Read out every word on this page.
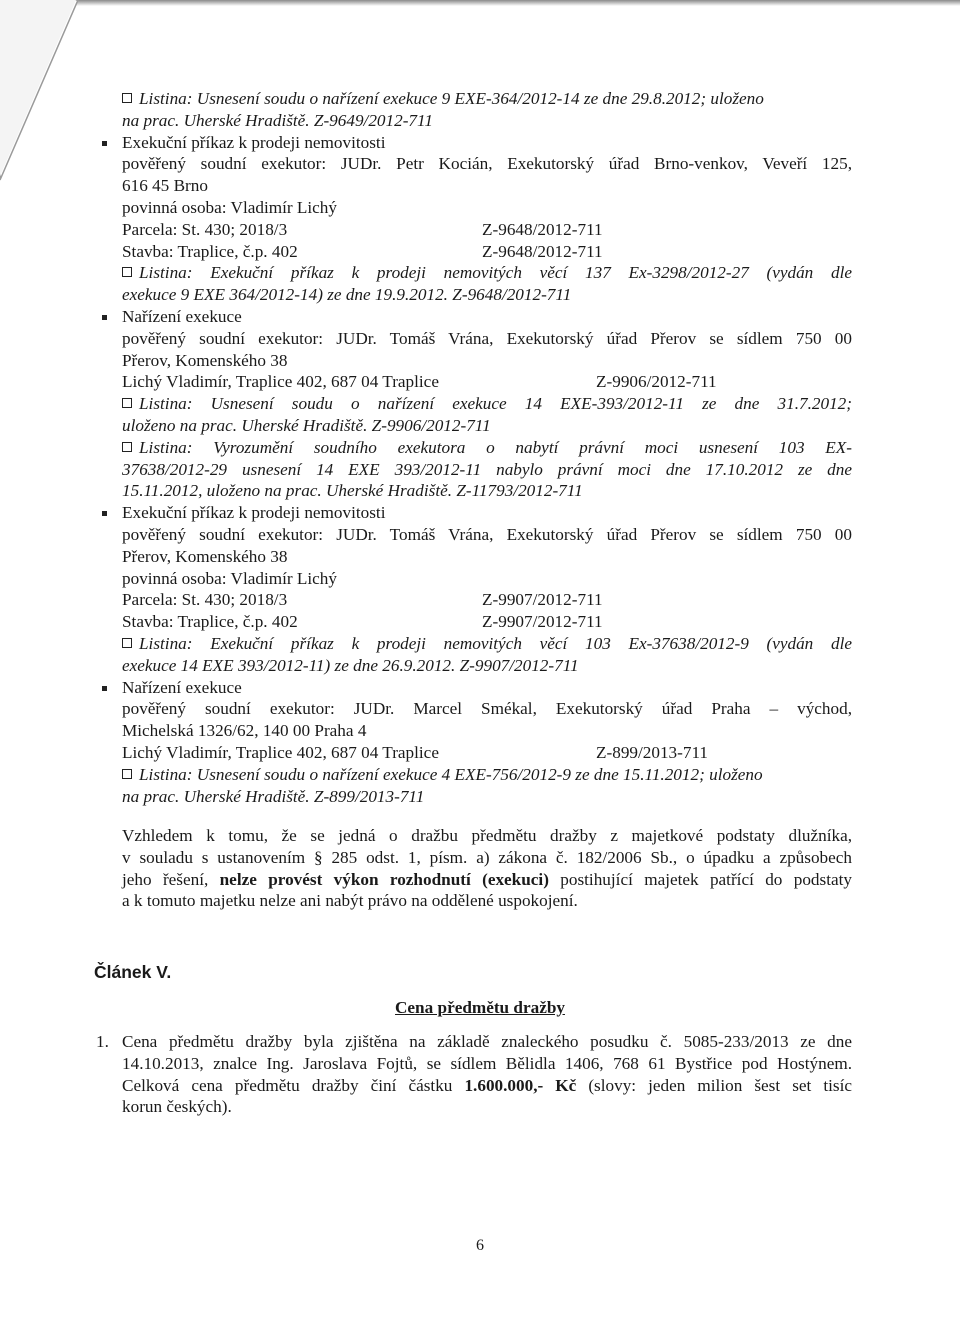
Listina: Usnesení soudu o nařízení exekuce 9 EXE-364/2012-14 ze dne 29.8.2012; uloženo
na prac. Uherské Hradiště. Z-9649/2012-711
Exekuční příkaz k prodeji nemovitosti
pověřený soudní exekutor: JUDr. Petr Kocián, Exekutorský úřad Brno-venkov, Veveří 125,
616 45 Brno
povinná osoba: Vladimír Lichý
Parcela: St. 430; 2018/3	Z-9648/2012-711
Stavba: Traplice, č.p. 402	Z-9648/2012-711
Listina: Exekuční příkaz k prodeji nemovitých věcí 137 Ex-3298/2012-27 (vydán dle
exekuce 9 EXE 364/2012-14) ze dne 19.9.2012. Z-9648/2012-711
Nařízení exekuce
pověřený soudní exekutor: JUDr. Tomáš Vrána, Exekutorský úřad Přerov se sídlem 750 00
Přerov, Komenského 38
Lichý Vladimír, Traplice 402, 687 04 Traplice	Z-9906/2012-711
Listina: Usnesení soudu o nařízení exekuce 14 EXE-393/2012-11 ze dne 31.7.2012;
uloženo na prac. Uherské Hradiště. Z-9906/2012-711
Listina: Vyrozumění soudního exekutora o nabytí právní moci usnesení 103 EX-
37638/2012-29 usnesení 14 EXE 393/2012-11 nabylo právní moci dne 17.10.2012 ze dne
15.11.2012, uloženo na prac. Uherské Hradiště. Z-11793/2012-711
Exekuční příkaz k prodeji nemovitosti
pověřený soudní exekutor: JUDr. Tomáš Vrána, Exekutorský úřad Přerov se sídlem 750 00
Přerov, Komenského 38
povinná osoba: Vladimír Lichý
Parcela: St. 430; 2018/3	Z-9907/2012-711
Stavba: Traplice, č.p. 402	Z-9907/2012-711
Listina: Exekuční příkaz k prodeji nemovitých věcí 103 Ex-37638/2012-9 (vydán dle
exekuce 14 EXE 393/2012-11) ze dne 26.9.2012. Z-9907/2012-711
Nařízení exekuce
pověřený soudní exekutor: JUDr. Marcel Smékal, Exekutorský úřad Praha – východ,
Michelská 1326/62, 140 00 Praha 4
Lichý Vladimír, Traplice 402, 687 04 Traplice	Z-899/2013-711
Listina: Usnesení soudu o nařízení exekuce 4 EXE-756/2012-9 ze dne 15.11.2012; uloženo
na prac. Uherské Hradiště. Z-899/2013-711
Vzhledem k tomu, že se jedná o dražbu předmětu dražby z majetkové podstaty dlužníka,
v souladu s ustanovením § 285 odst. 1, písm. a) zákona č. 182/2006 Sb., o úpadku a způsobech
jeho řešení, nelze provést výkon rozhodnutí (exekuci) postihující majetek patřící do podstaty
a k tomuto majetku nelze ani nabýt právo na oddělené uspokojení.
Článek V.
Cena předmětu dražby
1. Cena předmětu dražby byla zjištěna na základě znaleckého posudku č. 5085-233/2013 ze dne
14.10.2013, znalce Ing. Jaroslava Fojtů, se sídlem Bělidla 1406, 768 61 Bystřice pod Hostýnem.
Celková cena předmětu dražby činí částku 1.600.000,- Kč (slovy: jeden milion šest set tisíc
korun českých).
6
